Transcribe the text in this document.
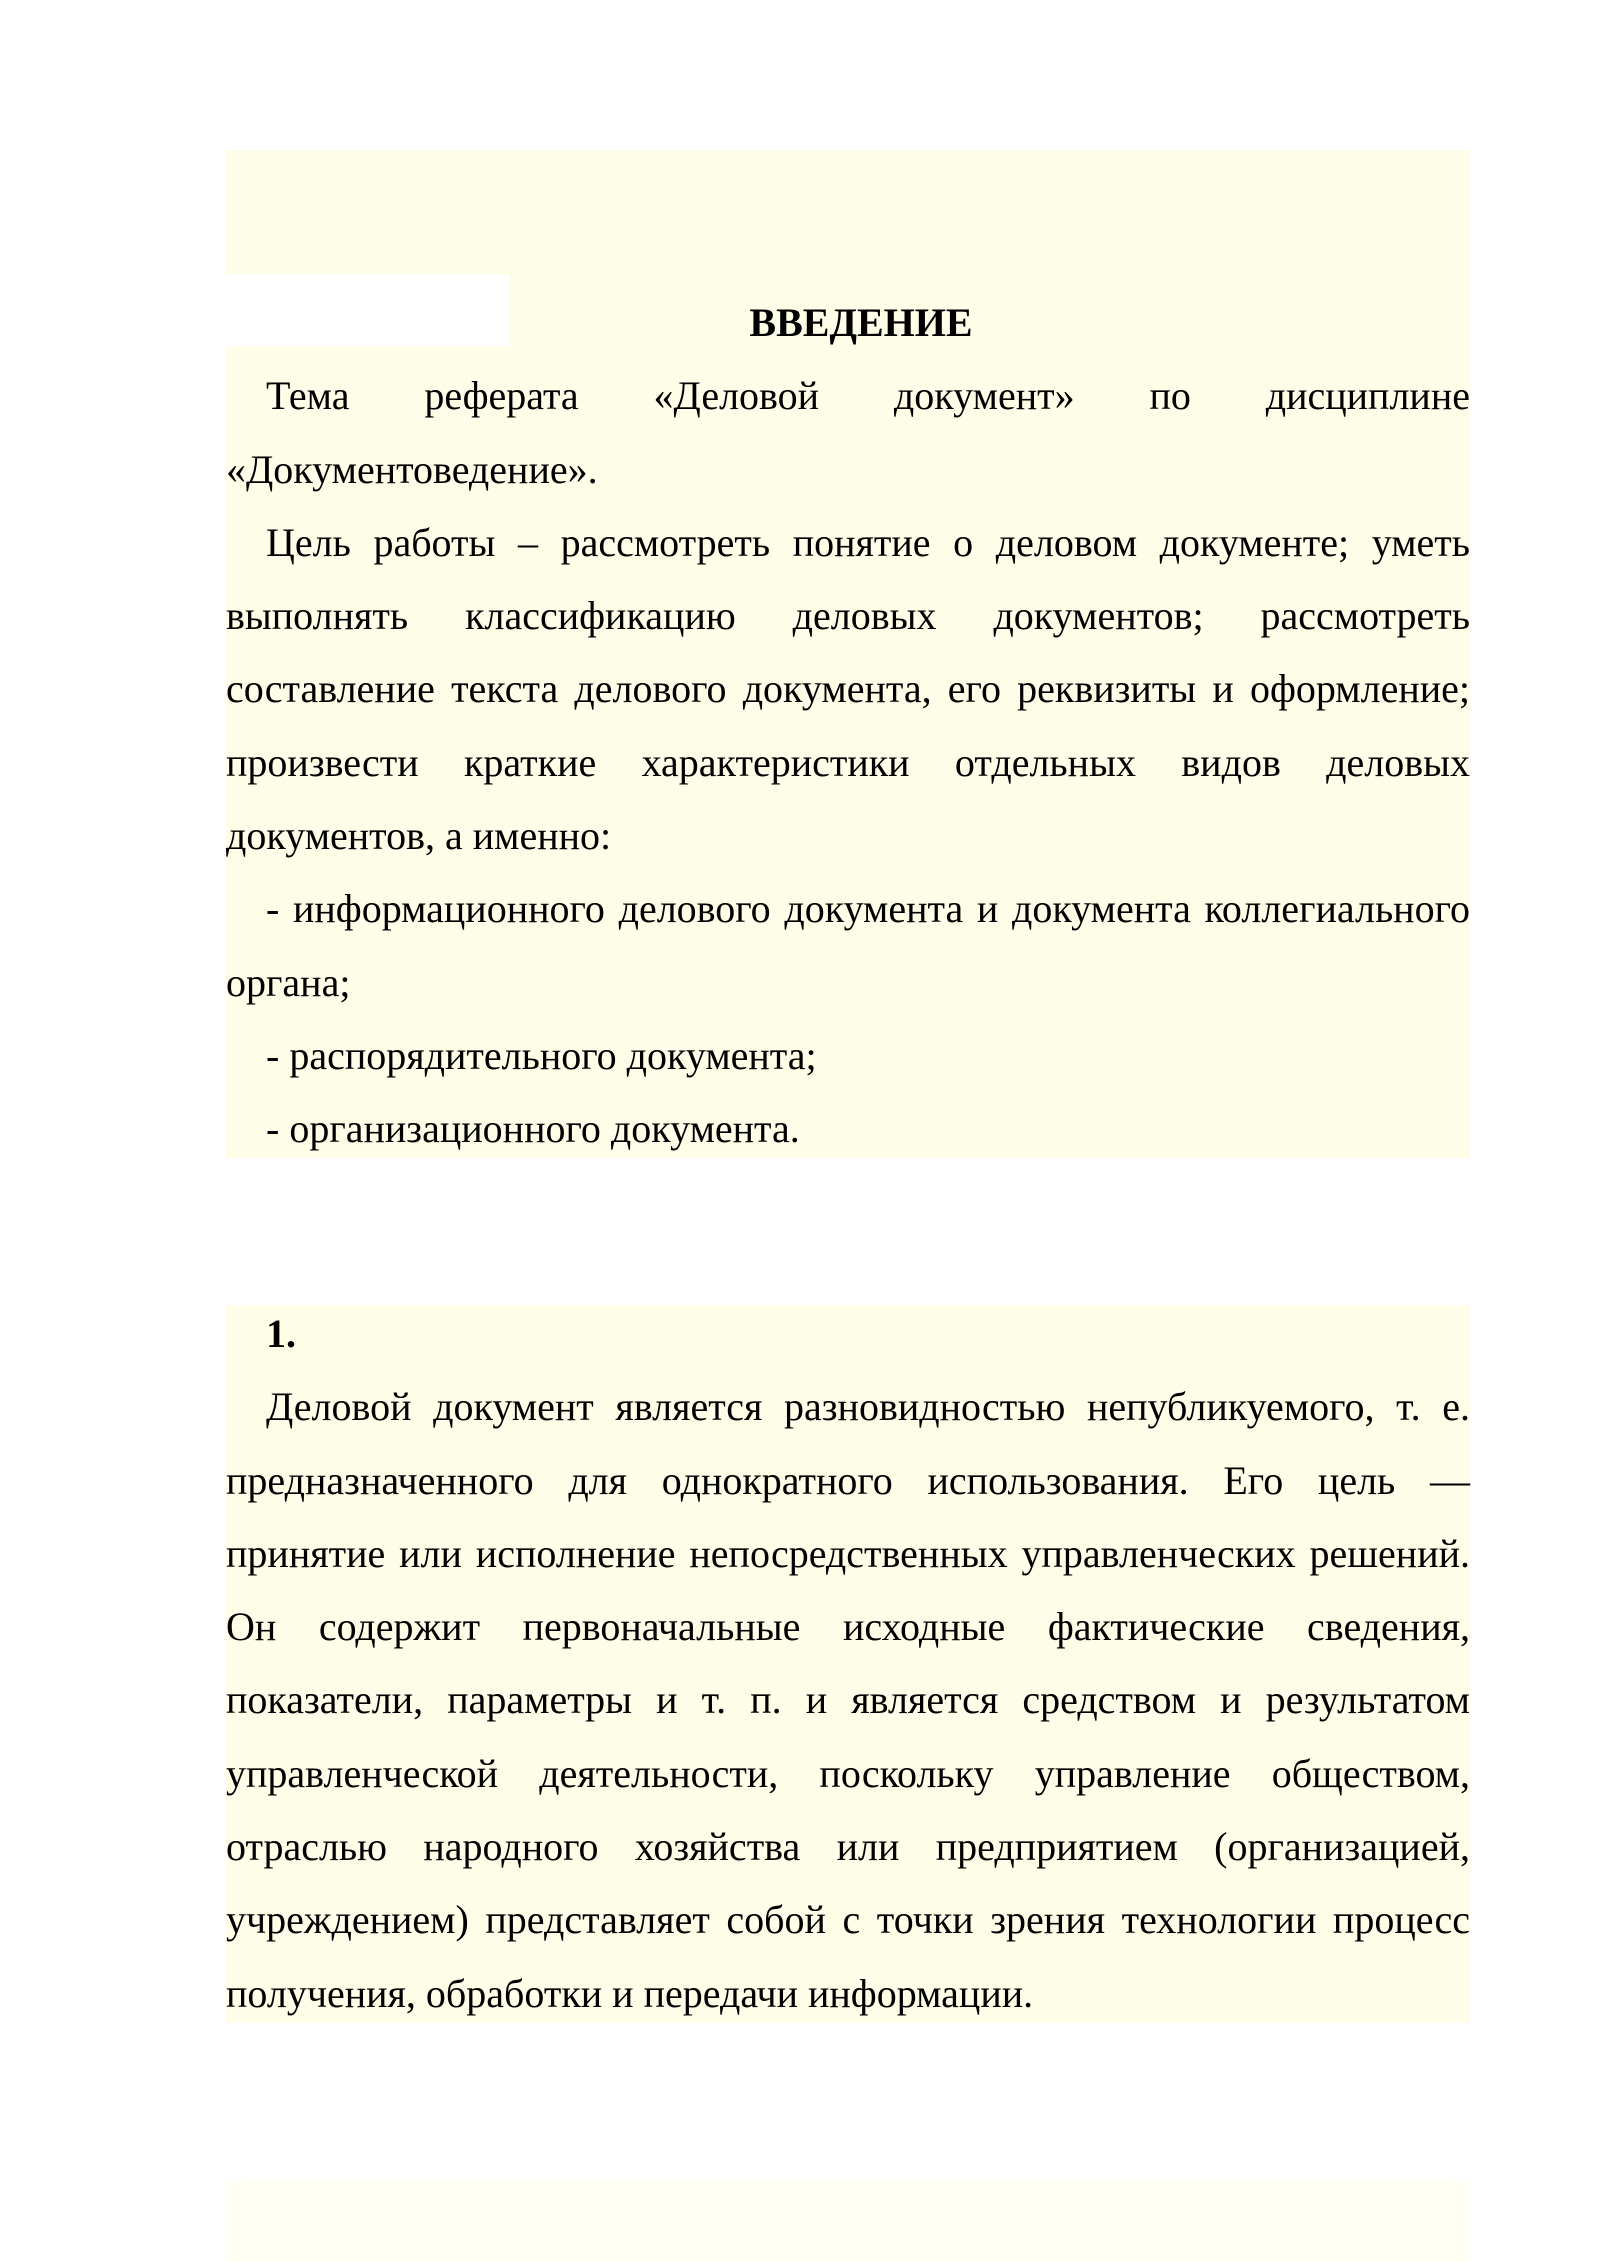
ВВЕДЕНИЕ

Тема реферата «Деловой документ» по дисциплине «Документоведение».

Цель работы – рассмотреть понятие о деловом документе; уметь выполнять классификацию деловых документов; рассмотреть составление текста делового документа, его реквизиты и оформление; произвести краткие характеристики отдельных видов деловых документов, а именно:

- информационного делового документа и документа коллегиального органа;

- распорядительного документа;

- организационного документа.

1.

Деловой документ является разновидностью непубликуемого, т. е. предназначенного для однократного использования. Его цель — принятие или исполнение непосредственных управленческих решений. Он содержит первоначальные исходные фактические сведения, показатели, параметры и т. п. и является средством и результатом управленческой деятельности, поскольку управление обществом, отраслью народного хозяйства или предприятием (организацией, учреждением) представляет собой с точки зрения технологии процесс получения, обработки и передачи информации.
